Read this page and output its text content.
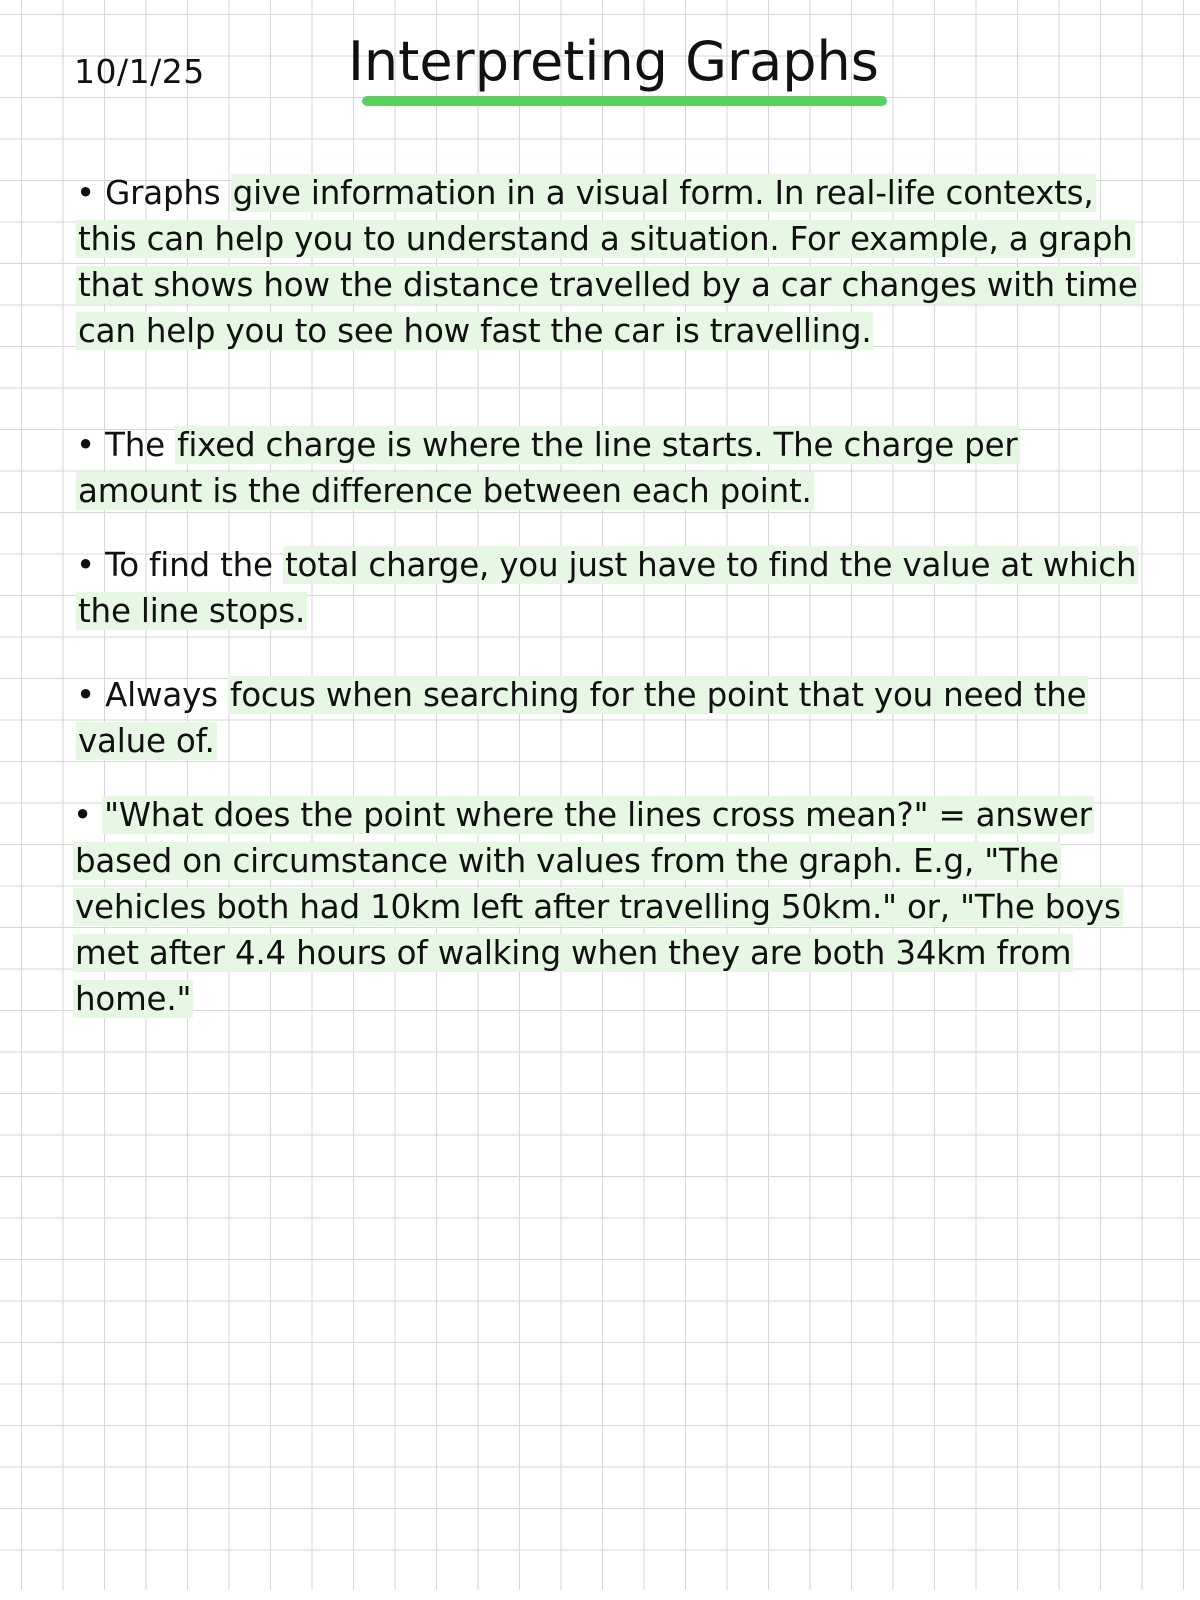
10/1/25	Interpreting Graphs

• Graphs give information in a visual form. In real-life contexts, this can help you to understand a situation. For example, a graph that shows how the distance travelled by a car changes with time can help you to see how fast the car is travelling.

• The fixed charge is where the line starts. The charge per amount is the difference between each point.

• To find the total charge, you just have to find the value at which the line stops.

• Always focus when searching for the point that you need the value of.

• "What does the point where the lines cross mean?" = answer based on circumstance with values from the graph. E.g, "The vehicles both had 10km left after travelling 50km." or, "The boys met after 4.4 hours of walking when they are both 34km from home."
